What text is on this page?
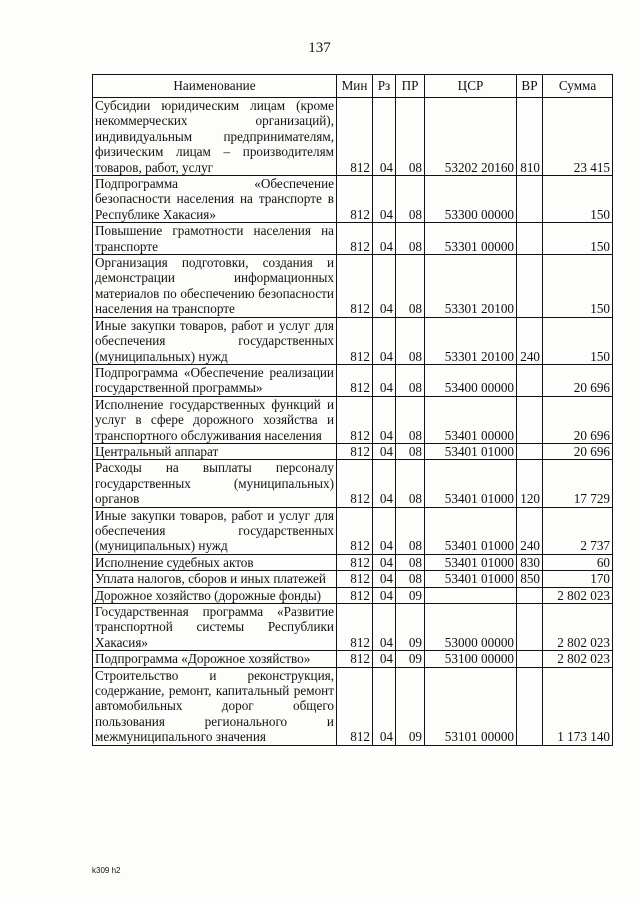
137
Наименование	Мин	Рз	ПР	ЦСР	ВР	Сумма
Субсидии юридическим лицам (кроме некоммерческих организаций), индивидуальным предпринимателям, физическим лицам – производителям товаров, работ, услуг	812	04	08	53202 20160	810	23 415
Подпрограмма «Обеспечение безопасности населения на транспорте в Республике Хакасия»	812	04	08	53300 00000		150
Повышение грамотности населения на транспорте	812	04	08	53301 00000		150
Организация подготовки, создания и демонстрации информационных материалов по обеспечению безопасности населения на транспорте	812	04	08	53301 20100		150
Иные закупки товаров, работ и услуг для обеспечения государственных (муниципальных) нужд	812	04	08	53301 20100	240	150
Подпрограмма «Обеспечение реализации государственной программы»	812	04	08	53400 00000		20 696
Исполнение государственных функций и услуг в сфере дорожного хозяйства и транспортного обслуживания населения	812	04	08	53401 00000		20 696
Центральный аппарат	812	04	08	53401 01000		20 696
Расходы на выплаты персоналу государственных (муниципальных) органов	812	04	08	53401 01000	120	17 729
Иные закупки товаров, работ и услуг для обеспечения государственных (муниципальных) нужд	812	04	08	53401 01000	240	2 737
Исполнение судебных актов	812	04	08	53401 01000	830	60
Уплата налогов, сборов и иных платежей	812	04	08	53401 01000	850	170
Дорожное хозяйство (дорожные фонды)	812	04	09			2 802 023
Государственная программа «Развитие транспортной системы Республики Хакасия»	812	04	09	53000 00000		2 802 023
Подпрограмма «Дорожное хозяйство»	812	04	09	53100 00000		2 802 023
Строительство и реконструкция, содержание, ремонт, капитальный ремонт автомобильных дорог общего пользования регионального и межмуниципального значения	812	04	09	53101 00000		1 173 140
k309 h2
